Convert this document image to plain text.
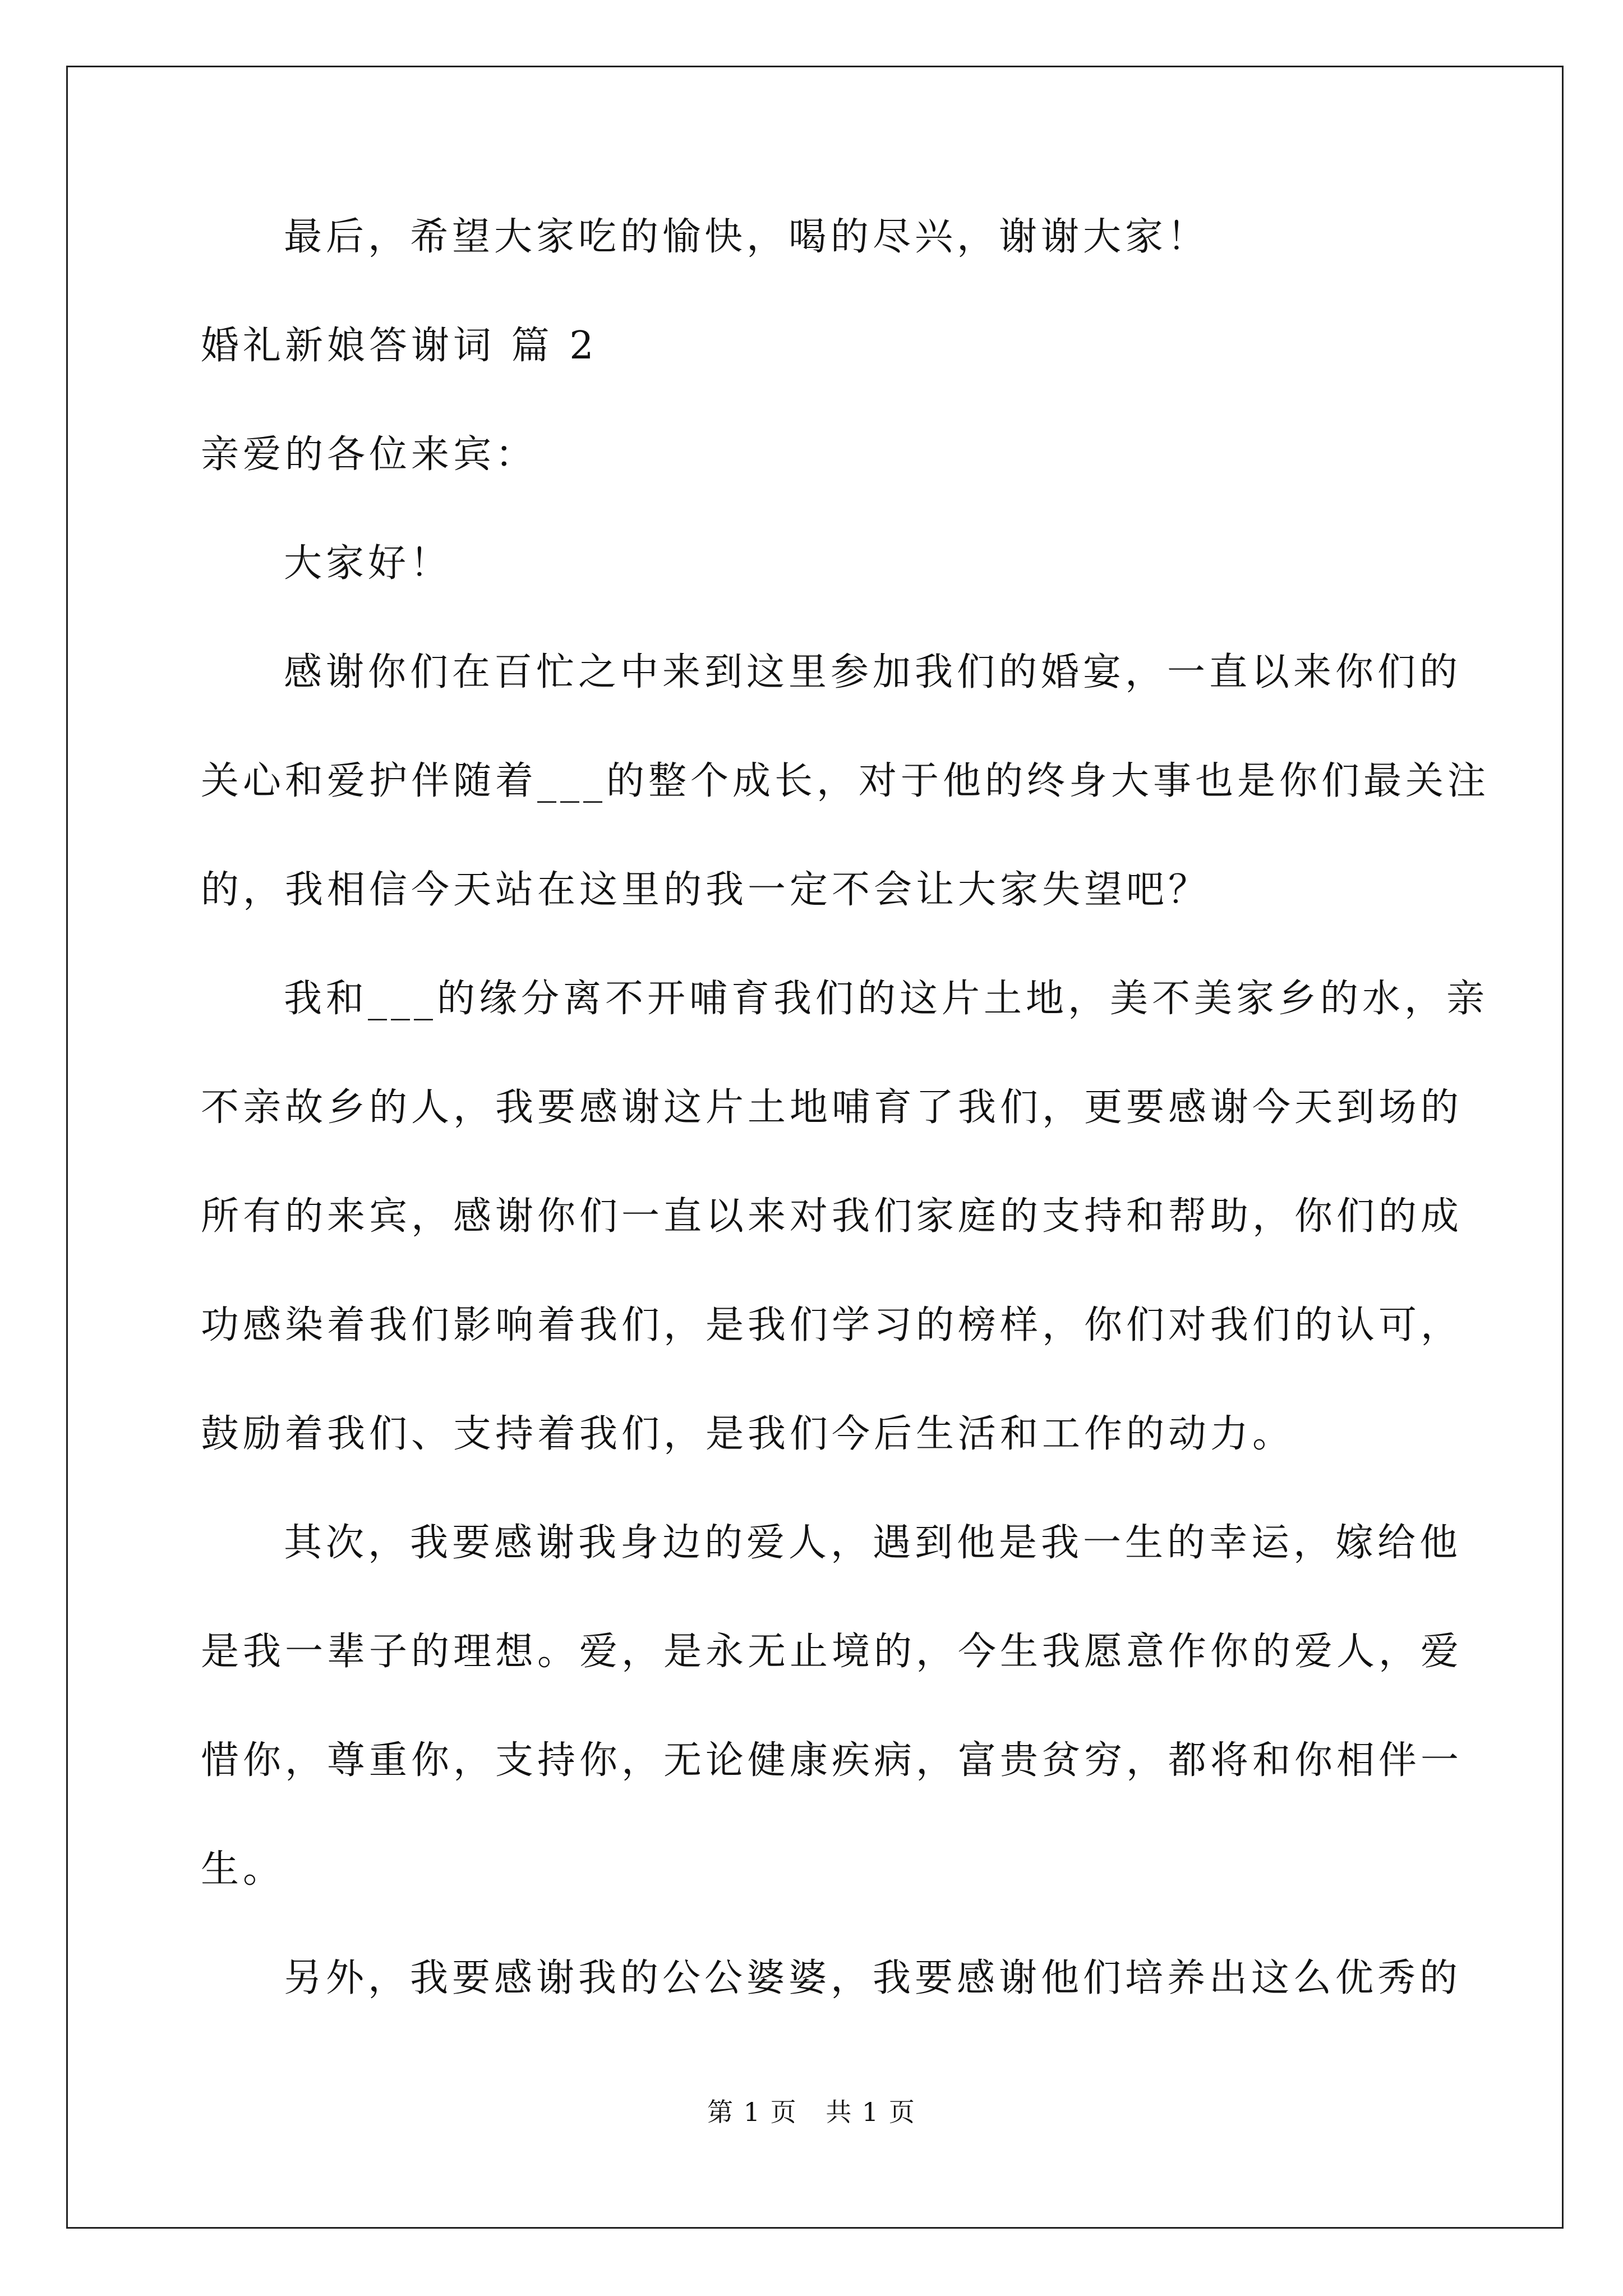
最后，希望大家吃的愉快，喝的尽兴，谢谢大家！
婚礼新娘答谢词 篇 2
亲爱的各位来宾：
大家好！
感谢你们在百忙之中来到这里参加我们的婚宴，一直以来你们的
关心和爱护伴随着___的整个成长，对于他的终身大事也是你们最关注
的，我相信今天站在这里的我一定不会让大家失望吧？
我和___的缘分离不开哺育我们的这片土地，美不美家乡的水，亲
不亲故乡的人，我要感谢这片土地哺育了我们，更要感谢今天到场的
所有的来宾，感谢你们一直以来对我们家庭的支持和帮助，你们的成
功感染着我们影响着我们，是我们学习的榜样，你们对我们的认可，
鼓励着我们、支持着我们，是我们今后生活和工作的动力。
其次，我要感谢我身边的爱人，遇到他是我一生的幸运，嫁给他
是我一辈子的理想。爱，是永无止境的，今生我愿意作你的爱人，爱
惜你，尊重你，支持你，无论健康疾病，富贵贫穷，都将和你相伴一
生。
另外，我要感谢我的公公婆婆，我要感谢他们培养出这么优秀的
第 1 页 共 1 页
